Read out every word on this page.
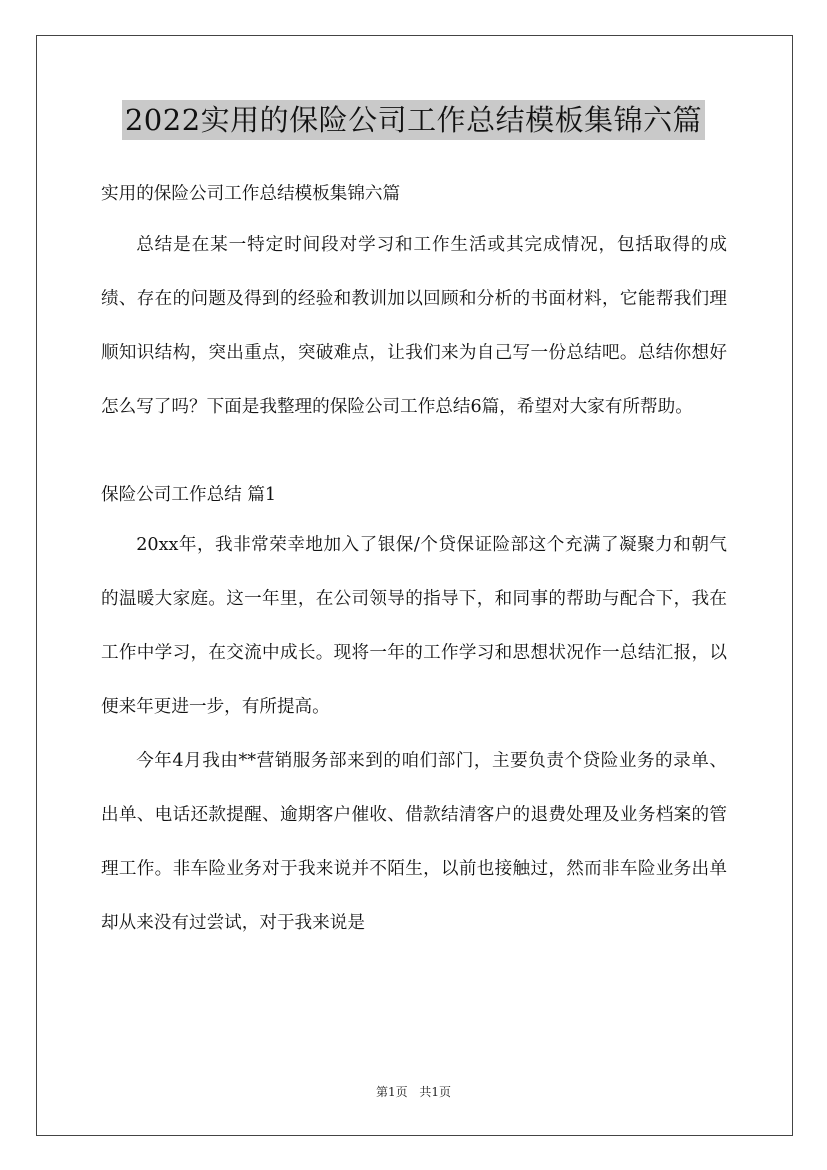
2022实用的保险公司工作总结模板集锦六篇

实用的保险公司工作总结模板集锦六篇

总结是在某一特定时间段对学习和工作生活或其完成情况，包括取得的成绩、存在的问题及得到的经验和教训加以回顾和分析的书面材料，它能帮我们理顺知识结构，突出重点，突破难点，让我们来为自己写一份总结吧。总结你想好怎么写了吗？下面是我整理的保险公司工作总结6篇，希望对大家有所帮助。

保险公司工作总结 篇1

20xx年，我非常荣幸地加入了银保/个贷保证险部这个充满了凝聚力和朝气的温暖大家庭。这一年里，在公司领导的指导下，和同事的帮助与配合下，我在工作中学习，在交流中成长。现将一年的工作学习和思想状况作一总结汇报，以便来年更进一步，有所提高。

今年4月我由**营销服务部来到的咱们部门，主要负责个贷险业务的录单、出单、电话还款提醒、逾期客户催收、借款结清客户的退费处理及业务档案的管理工作。非车险业务对于我来说并不陌生，以前也接触过，然而非车险业务出单却从来没有过尝试，对于我来说是

第1页 共1页
